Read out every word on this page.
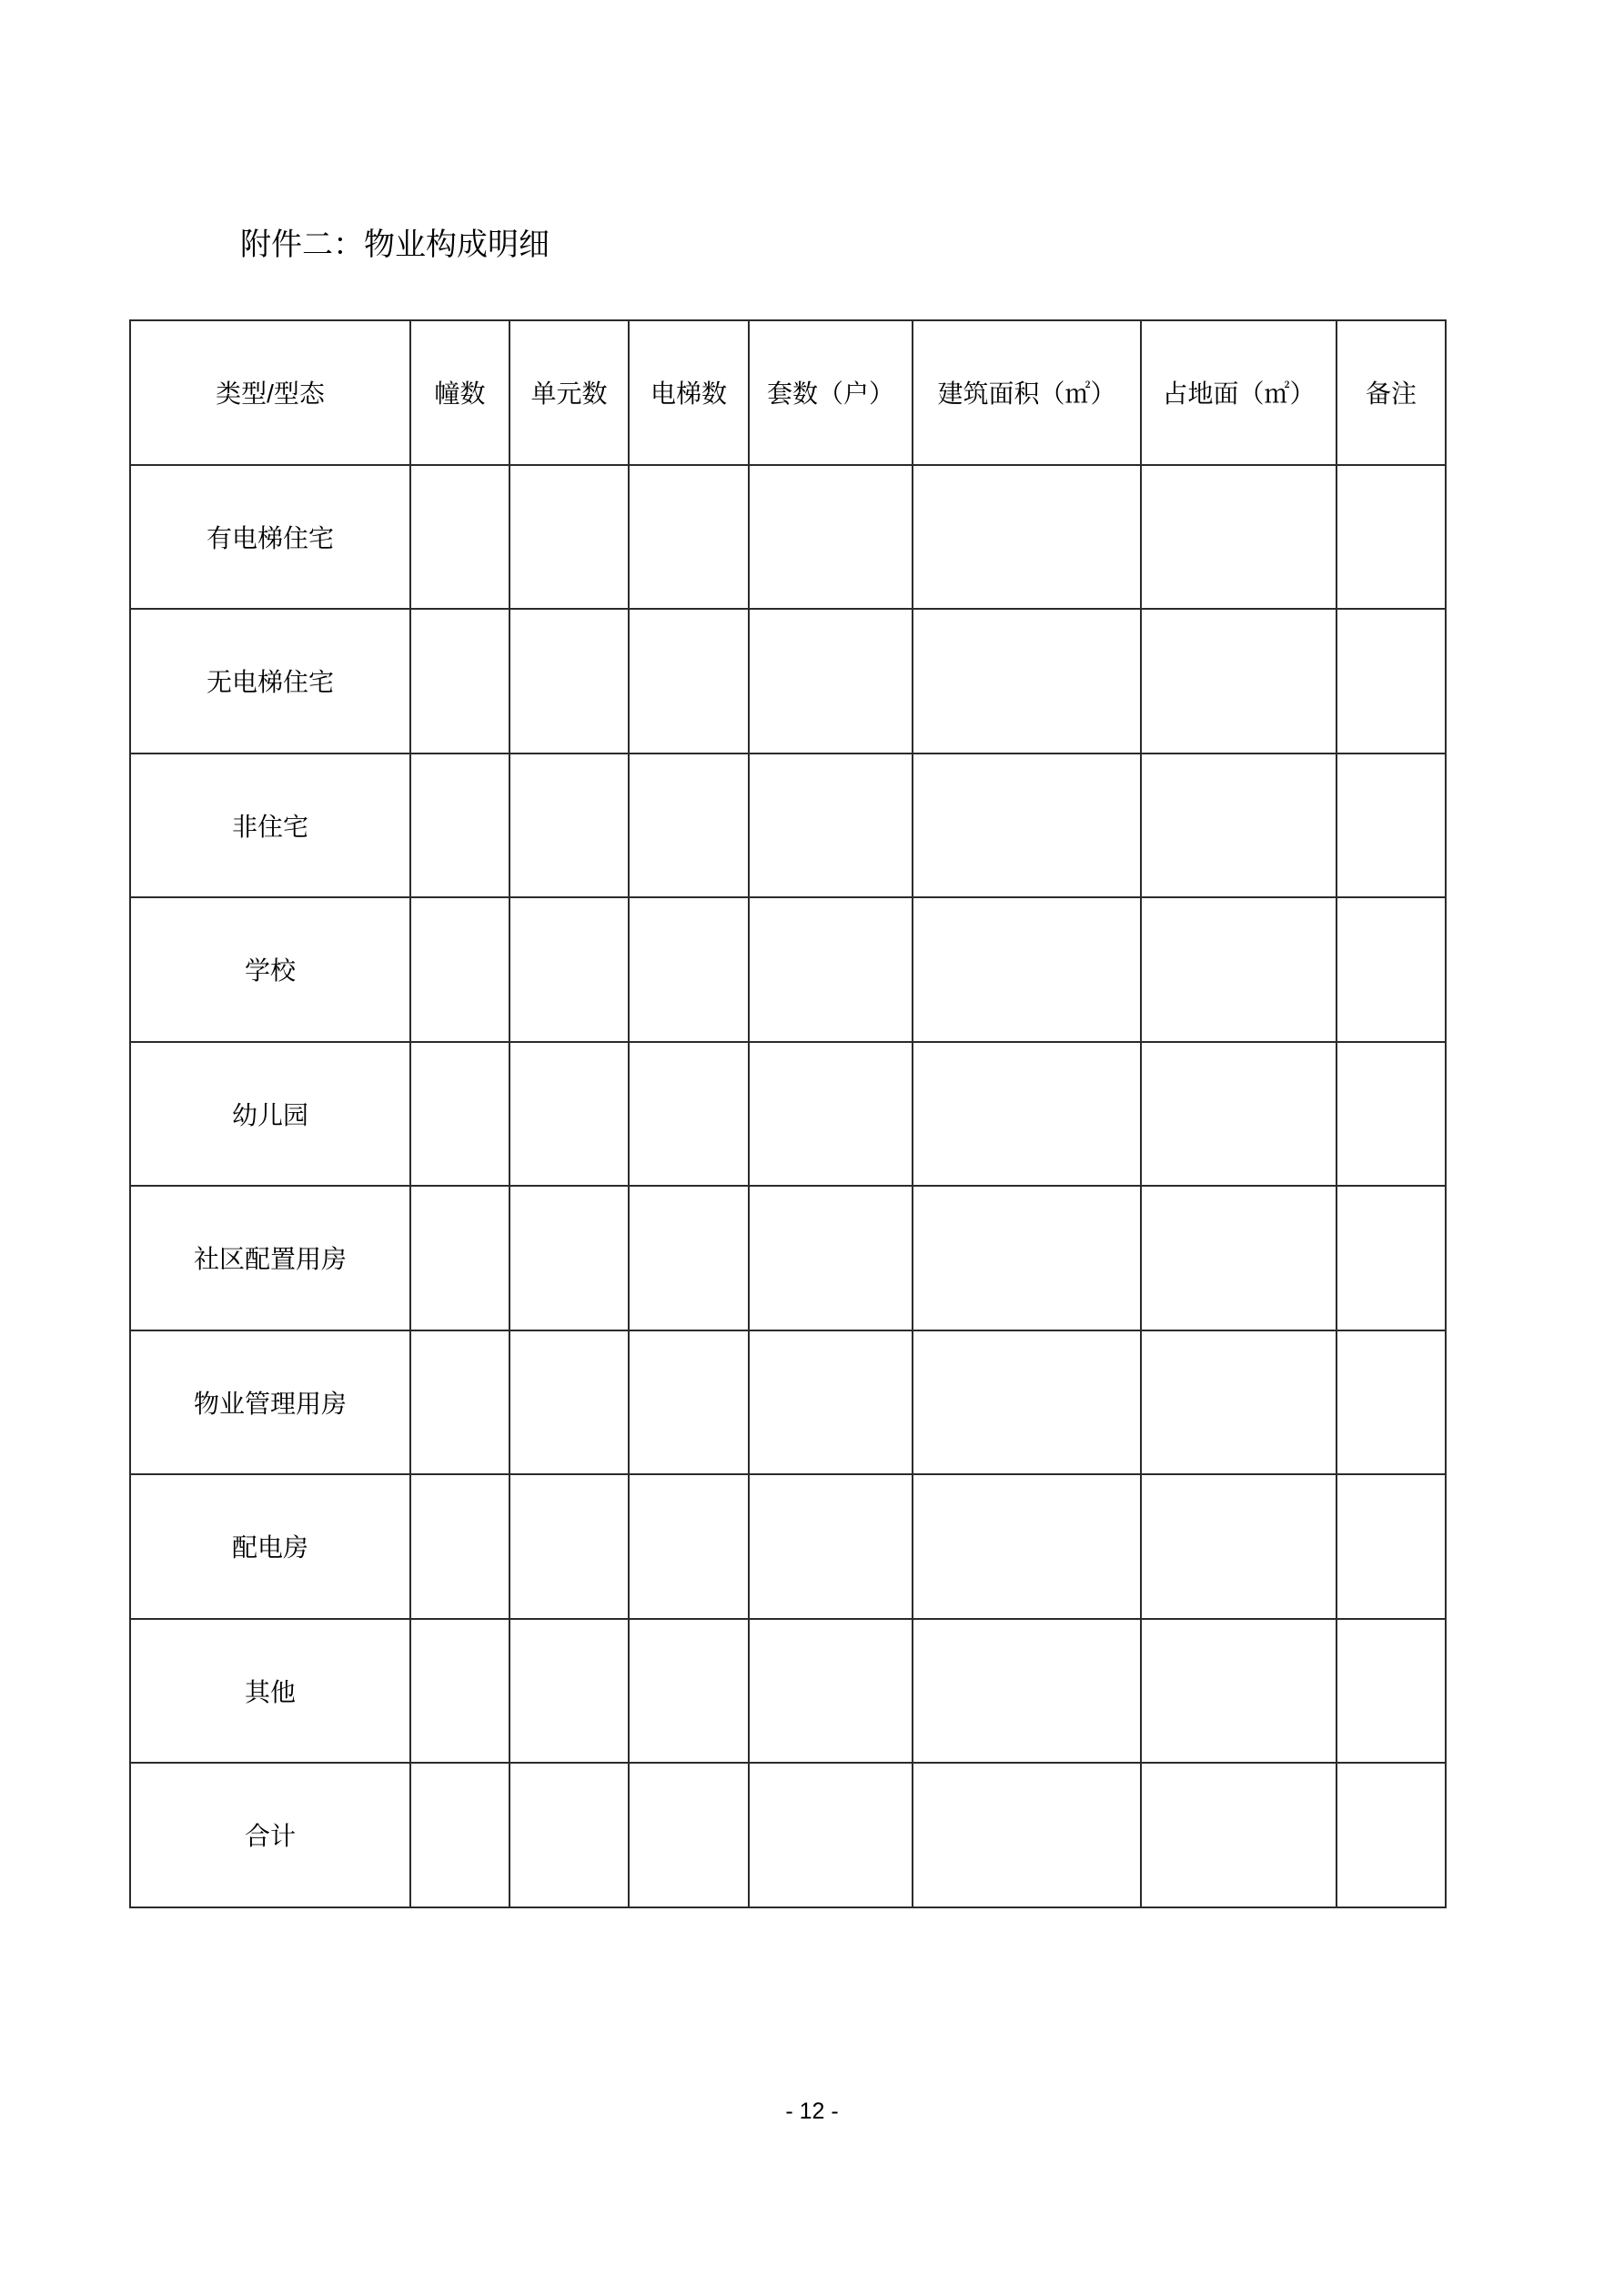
附件二：物业构成明细
类型/型态	幢数	单元数	电梯数	套数（户）	建筑面积（㎡）	占地面（㎡）	备注
有电梯住宅							
无电梯住宅							
非住宅							
学校							
幼儿园							
社区配置用房							
物业管理用房							
配电房							
其他							
合计							
- 12 -
